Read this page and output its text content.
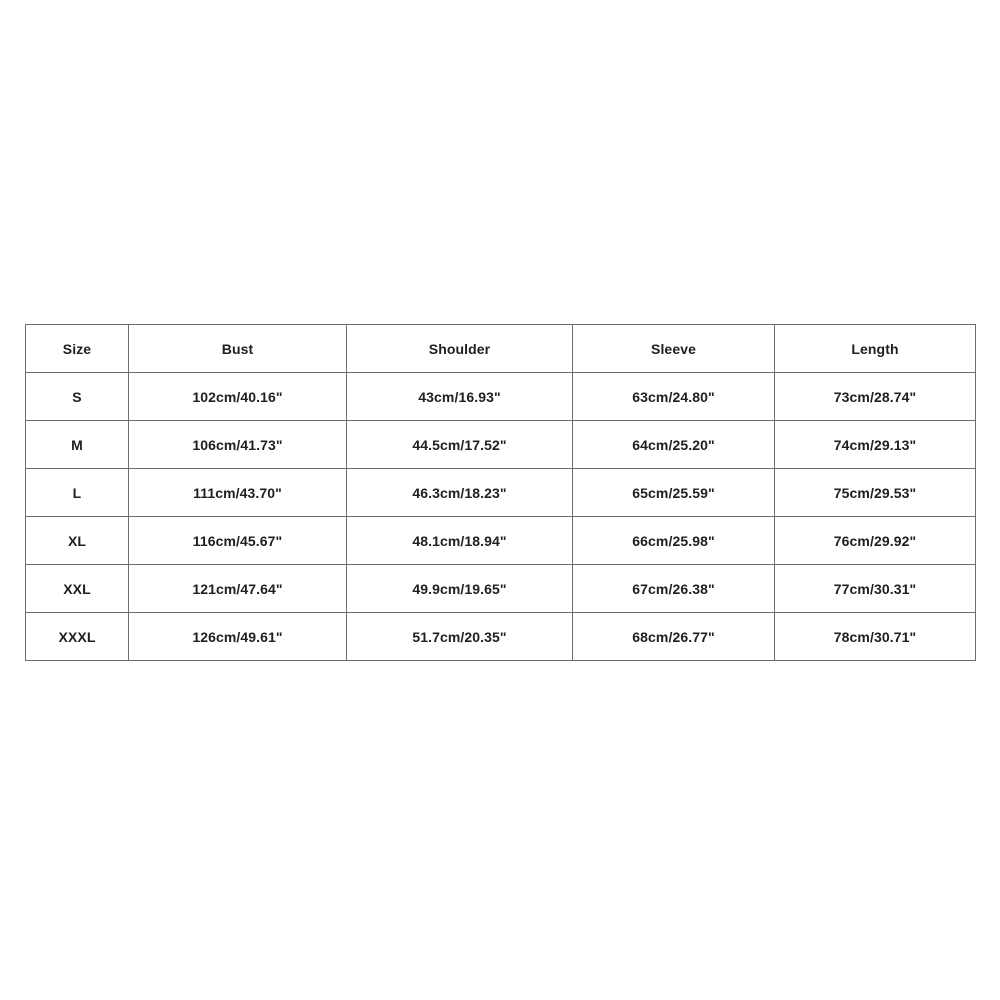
Size	Bust	Shoulder	Sleeve	Length
S	102cm/40.16"	43cm/16.93"	63cm/24.80"	73cm/28.74"
M	106cm/41.73"	44.5cm/17.52"	64cm/25.20"	74cm/29.13"
L	111cm/43.70"	46.3cm/18.23"	65cm/25.59"	75cm/29.53"
XL	116cm/45.67"	48.1cm/18.94"	66cm/25.98"	76cm/29.92"
XXL	121cm/47.64"	49.9cm/19.65"	67cm/26.38"	77cm/30.31"
XXXL	126cm/49.61"	51.7cm/20.35"	68cm/26.77"	78cm/30.71"
